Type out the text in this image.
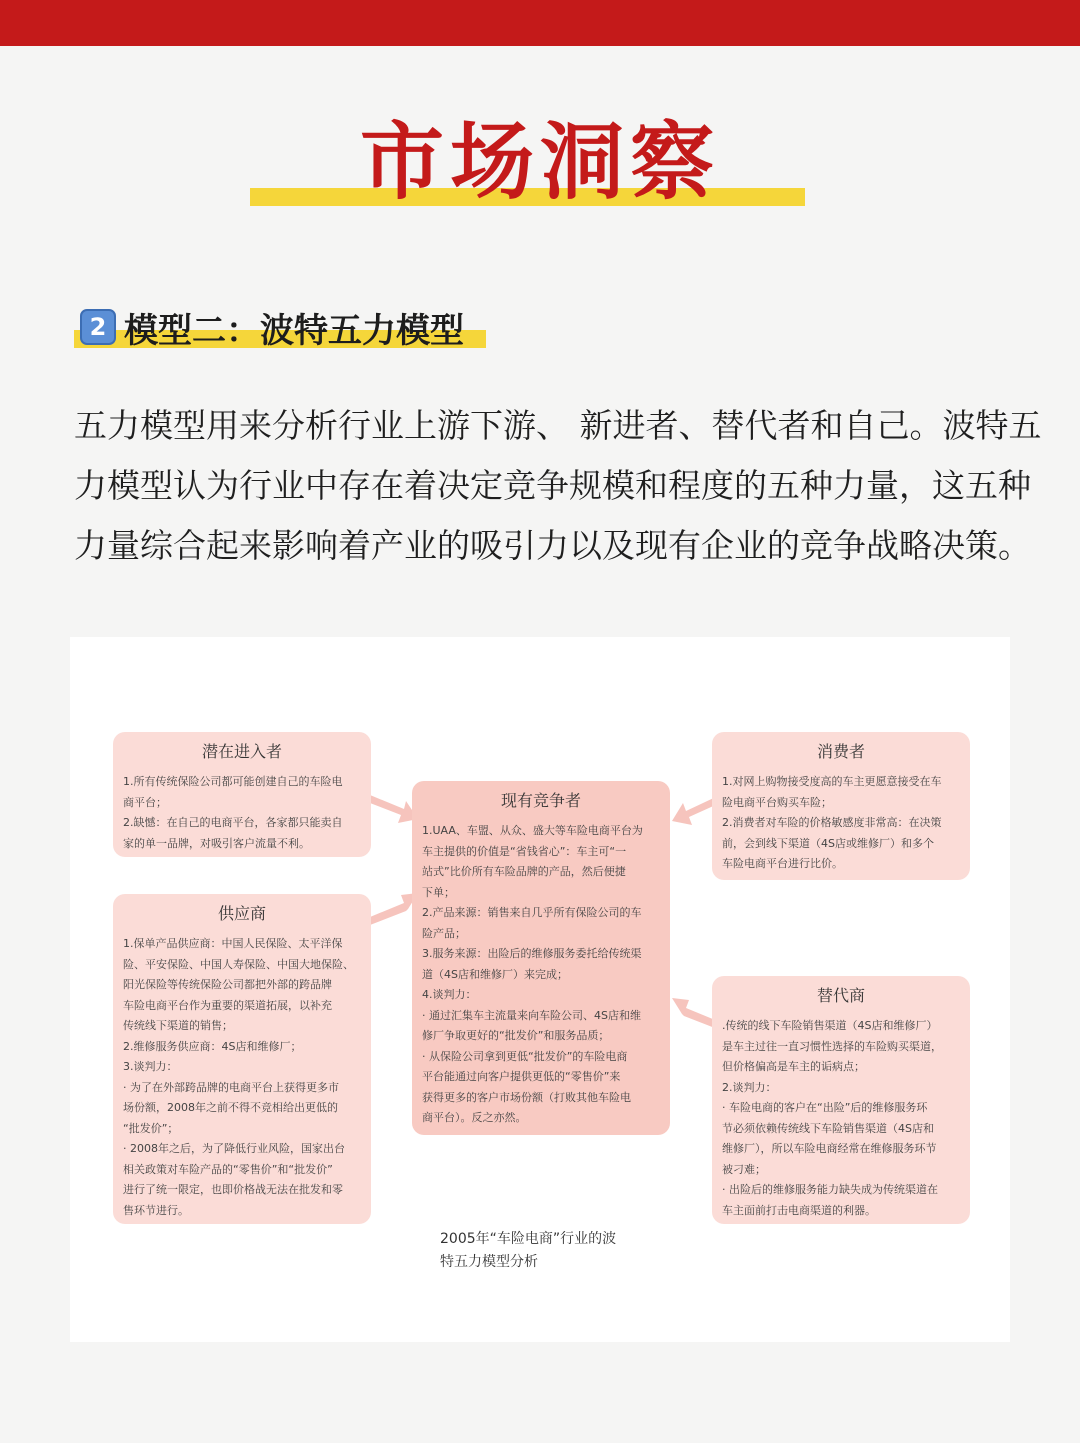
市场洞察
2 模型二：波特五力模型
五力模型用来分析行业上游下游、 新进者、替代者和自己。波特五力模型认为行业中存在着决定竞争规模和程度的五种力量，这五种力量综合起来影响着产业的吸引力以及现有企业的竞争战略决策。
潜在进入者
1.所有传统保险公司都可能创建自己的车险电
商平台；
2.缺憾：在自己的电商平台，各家都只能卖自
家的单一品牌，对吸引客户流量不利。
供应商
1.保单产品供应商：中国人民保险、太平洋保
险、平安保险、中国人寿保险、中国大地保险、
阳光保险等传统保险公司都把外部的跨品牌
车险电商平台作为重要的渠道拓展，以补充
传统线下渠道的销售；
2.维修服务供应商：4S店和维修厂；
3.谈判力：
· 为了在外部跨品牌的电商平台上获得更多市
场份额，2008年之前不得不竞相给出更低的
“批发价”；
· 2008年之后，为了降低行业风险，国家出台
相关政策对车险产品的“零售价”和“批发价”
进行了统一限定，也即价格战无法在批发和零
售环节进行。
现有竞争者
1.UAA、车盟、从众、盛大等车险电商平台为
车主提供的价值是“省钱省心”：车主可“一
站式”比价所有车险品牌的产品，然后便捷
下单；
2.产品来源：销售来自几乎所有保险公司的车
险产品；
3.服务来源：出险后的维修服务委托给传统渠
道（4S店和维修厂）来完成；
4.谈判力：
· 通过汇集车主流量来向车险公司、4S店和维
修厂争取更好的“批发价”和服务品质；
· 从保险公司拿到更低“批发价”的车险电商
平台能通过向客户提供更低的“零售价”来
获得更多的客户市场份额（打败其他车险电
商平台）。反之亦然。
消费者
1.对网上购物接受度高的车主更愿意接受在车
险电商平台购买车险；
2.消费者对车险的价格敏感度非常高：在决策
前，会到线下渠道（4S店或维修厂）和多个
车险电商平台进行比价。
替代商
.传统的线下车险销售渠道（4S店和维修厂）
是车主过往一直习惯性选择的车险购买渠道，
但价格偏高是车主的诟病点；
2.谈判力：
· 车险电商的客户在“出险”后的维修服务环
节必须依赖传统线下车险销售渠道（4S店和
维修厂），所以车险电商经常在维修服务环节
被刁难；
· 出险后的维修服务能力缺失成为传统渠道在
车主面前打击电商渠道的利器。
2005年“车险电商”行业的波
特五力模型分析
